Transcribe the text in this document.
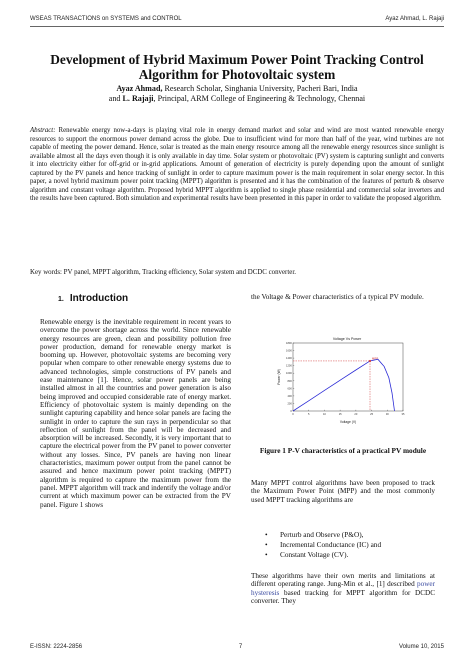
WSEAS TRANSACTIONS on SYSTEMS and CONTROL	Ayaz Ahmad, L. Rajaji
Development of Hybrid Maximum Power Point Tracking Control
Algorithm for Photovoltaic system
Ayaz Ahmad, Research Scholar, Singhania University, Pacheri Bari, India
and L. Rajaji, Principal, ARM College of Engineering & Technology, Chennai
Abstract: Renewable energy now-a-days is playing vital role in energy demand market and solar and wind are most wanted renewable energy resources to support the enormous power demand across the globe. Due to insufficient wind for more than half of the year, wind turbines are not capable of meeting the power demand. Hence, solar is treated as the main energy resource among all the renewable energy resources since sunlight is available almost all the days even though it is only available in day time. Solar system or photovoltaic (PV) system is capturing sunlight and converts it into electricity either for off-grid or in-grid applications. Amount of generation of electricity is purely depending upon the amount of sunlight captured by the PV panels and hence tracking of sunlight in order to capture maximum power is the main requirement in solar energy sector. In this paper, a novel hybrid maximum power point tracking (MPPT) algorithm is presented and it has the combination of the features of perturb & observe algorithm and constant voltage algorithm. Proposed hybrid MPPT algorithm is applied to single phase residential and commercial solar inverters and the results have been captured. Both simulation and experimental results have been presented in this paper in order to validate the proposed algorithm.
Key words: PV panel, MPPT algorithm, Tracking efficiency, Solar system and DCDC converter.
1. Introduction

Renewable energy is the inevitable requirement in recent years to overcome the power shortage across the world. Since renewable energy resources are green, clean and possibility pollution free power production, demand for renewable energy market is booming up. However, photovoltaic systems are becoming very popular when compare to other renewable energy systems due to advanced technologies, simple constructions of PV panels and ease maintenance [1]. Hence, solar power panels are being installed almost in all the countries and power generation is also being improved and occupied considerable rate of energy market. Efficiency of photovoltaic system is mainly depending on the sunlight capturing capability and hence solar panels are facing the sunlight in order to capture the sun rays in perpendicular so that reflection of sunlight from the panel will be decreased and absorption will be increased. Secondly, it is very important that to capture the electrical power from the PV panel to power converter without any losses. Since, PV panels are having non linear characteristics, maximum power output from the panel cannot be assured and hence maximum power point tracking (MPPT) algorithm is required to capture the maximum power from the panel. MPPT algorithm will track and indentify the voltage and/or current at which maximum power can be extracted from the PV panel. Figure 1 shows

the Voltage & Power characteristics of a typical PV module.

Voltage Vs Power
0
200
400
600
800
1000
1200
1400
1600
1800
0	5	10	15	20	25	30	35
MPP
Voltage (V)
Power (W)
Figure 1 P-V characteristics of a practical PV module

Many MPPT control algorithms have been proposed to track the Maximum Power Point (MPP) and the most commonly used MPPT tracking algorithms are

• Perturb and Observe (P&O),
• Incremental Conductance (IC) and
• Constant Voltage (CV).

These algorithms have their own merits and limitations at different operating range. Jung-Min et al., [1] described power hysteresis based tracking for MPPT algorithm for DCDC converter. They

E-ISSN: 2224-2856	7	Volume 10, 2015
